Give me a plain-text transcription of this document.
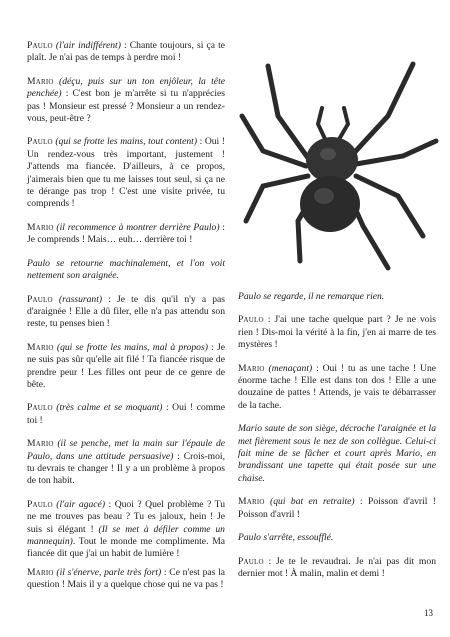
Paulo (l'air indifférent) : Chante toujours, si ça te plaît. Je n'ai pas de temps à perdre moi !
Mario (déçu, puis sur un ton enjôleur, la tête penchée) : C'est bon je m'arrête si tu n'apprécies pas ! Monsieur est pressé ? Monsieur a un rendez-vous, peut-être ?
Paulo (qui se frotte les mains, tout content) : Oui ! Un rendez-vous très important, justement ! J'attends ma fiancée. D'ailleurs, à ce propos, j'aimerais bien que tu me laisses tout seul, si ça ne te dérange pas trop ! C'est une visite privée, tu comprends !
Mario (il recommence à montrer derrière Paulo) : Je comprends ! Mais… euh… derrière toi !
Paulo se retourne machinalement, et l'on voit nettement son araignée.
Paulo (rassurant) : Je te dis qu'il n'y a pas d'araignée ! Elle a dû filer, elle n'a pas attendu son reste, tu penses bien !
Mario (qui se frotte les mains, mal à propos) : Je ne suis pas sûr qu'elle ait filé ! Ta fiancée risque de prendre peur ! Les filles ont peur de ce genre de bête.
Paulo (très calme et se moquant) : Oui ! comme toi !
Mario (il se penche, met la main sur l'épaule de Paulo, dans une attitude persuasive) : Crois-moi, tu devrais te changer ! Il y a un problème à propos de ton habit.
Paulo (l'air agacé) : Quoi ? Quel problème ? Tu ne me trouves pas beau ? Tu es jaloux, hein ! Je suis si élégant ! (Il se met à défiler comme un mannequin). Tout le monde me complimente. Ma fiancée dit que j'ai un habit de lumière !
Mario (il s'énerve, parle très fort) : Ce n'est pas la question ! Mais il y a quelque chose qui ne va pas !
Paulo se regarde, il ne remarque rien.
Paulo : J'ai une tache quelque part ? Je ne vois rien ! Dis-moi la vérité à la fin, j'en ai marre de tes mystères !
Mario (menaçant) : Oui ! tu as une tache ! Une énorme tache ! Elle est dans ton dos ! Elle a une douzaine de pattes ! Attends, je vais te débarrasser de la tache.
Mario saute de son siège, décroche l'araignée et la met fièrement sous le nez de son collègue. Celui-ci fait mine de se fâcher et court après Mario, en brandissant une tapette qui était posée sur une chaise.
Mario (qui bat en retraite) : Poisson d'avril ! Poisson d'avril !
Paulo s'arrête, essoufflé.
Paulo : Je te le revaudrai. Je n'ai pas dit mon dernier mot ! À malin, malin et demi !
13
